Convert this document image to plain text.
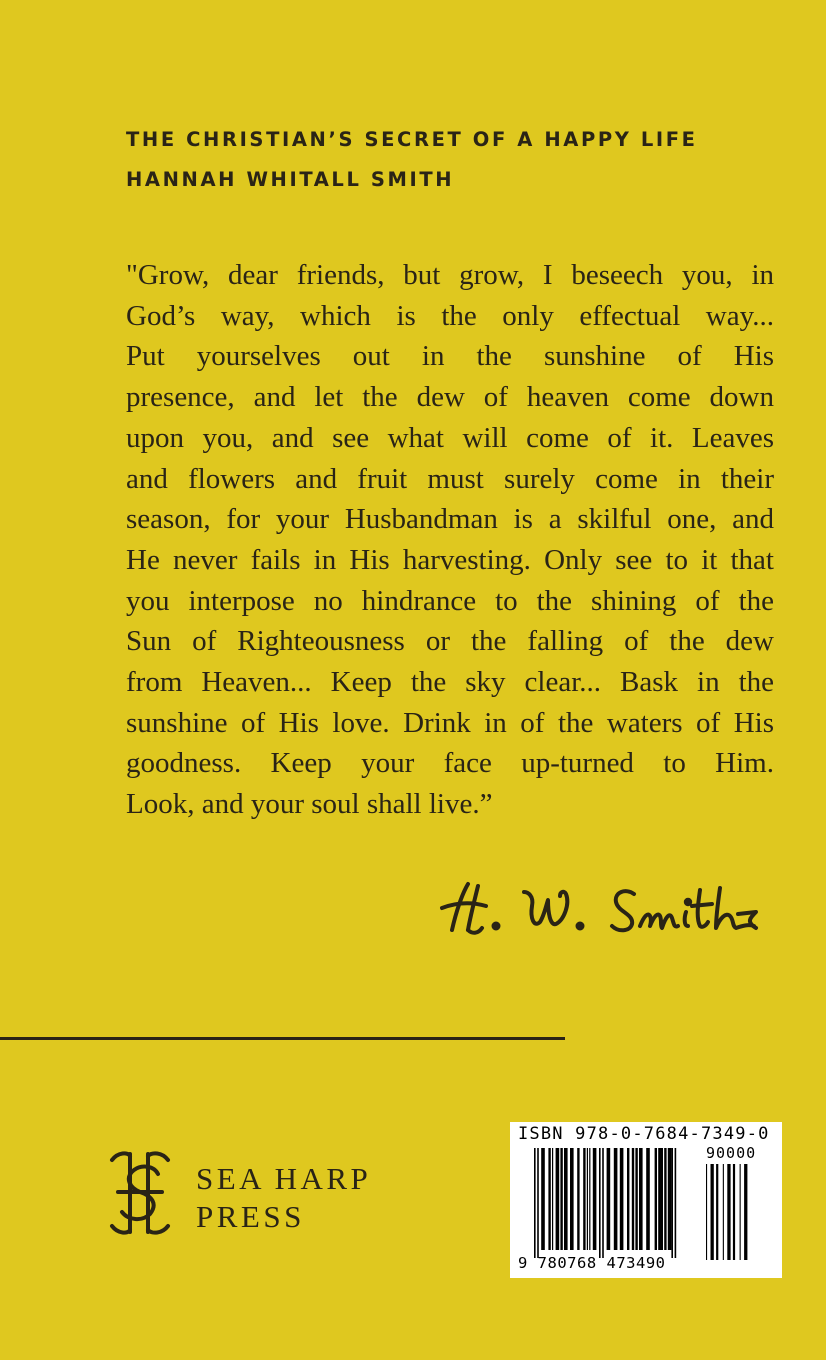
THE CHRISTIAN’S SECRET OF A HAPPY LIFE
HANNAH WHITALL SMITH
"Grow, dear friends, but grow, I beseech you, in
God’s way, which is the only effectual way...
Put yourselves out in the sunshine of His
presence, and let the dew of heaven come down
upon you, and see what will come of it. Leaves
and flowers and fruit must surely come in their
season, for your Husbandman is a skilful one, and
He never fails in His harvesting. Only see to it that
you interpose no hindrance to the shining of the
Sun of Righteousness or the falling of the dew
from Heaven... Keep the sky clear... Bask in the
sunshine of His love. Drink in of the waters of His
goodness. Keep your face up-turned to Him.
Look, and your soul shall live.”
SEA HARP
PRESS
ISBN 978-0-7684-7349-0
90000
9 780768 473490
